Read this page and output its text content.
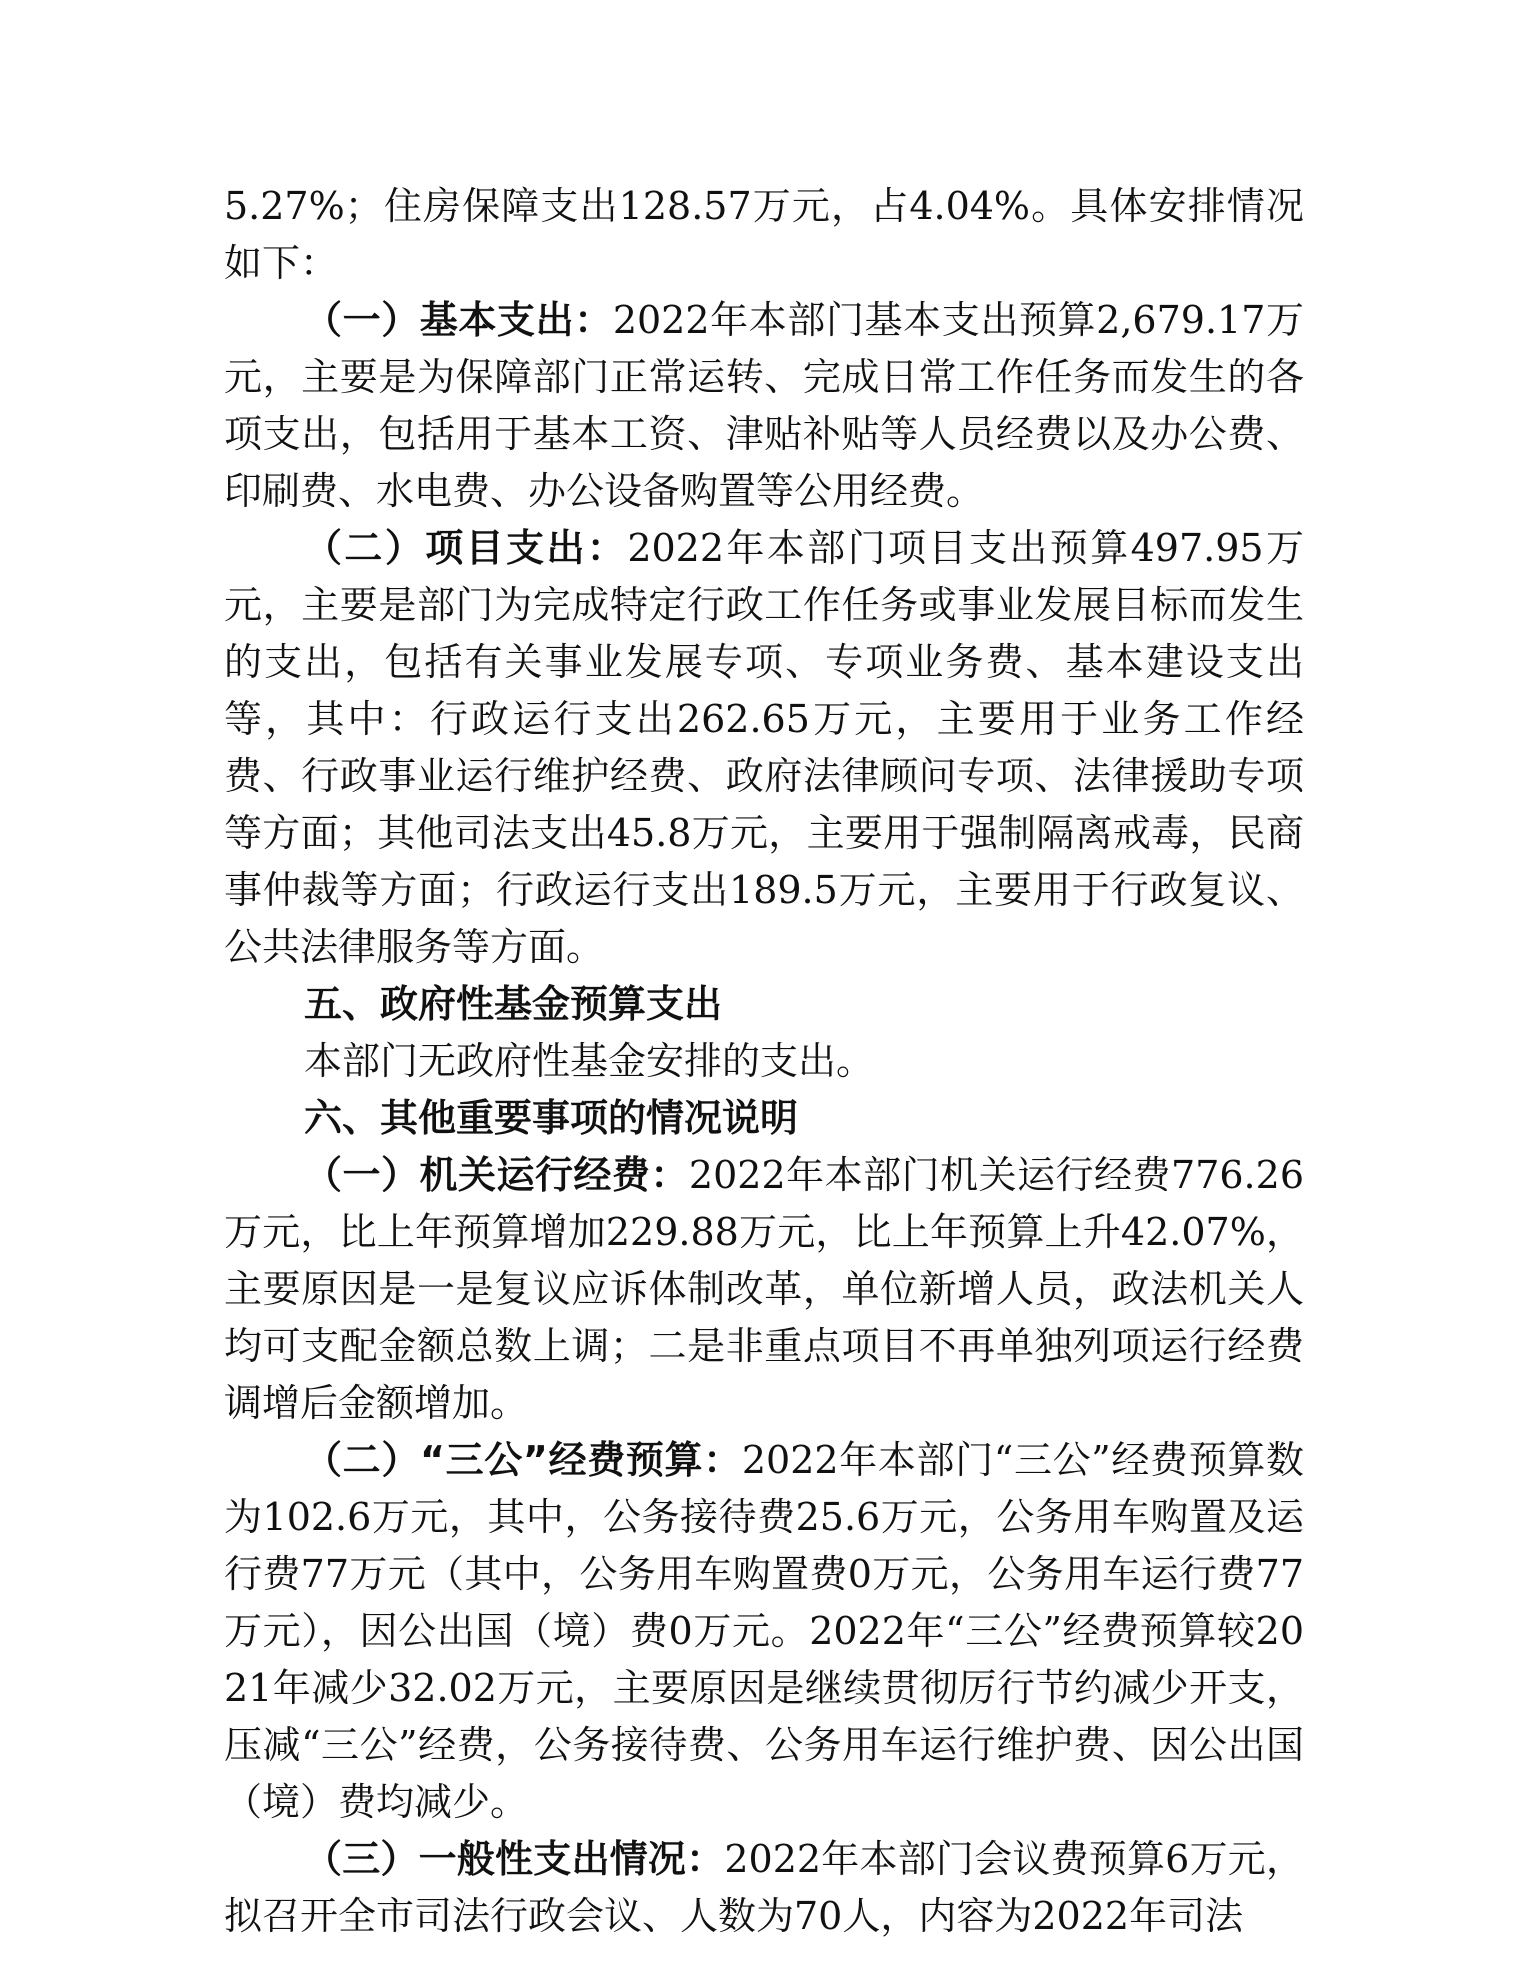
5.27%；住房保障支出128.57万元，占4.04%。具体安排情况如下：

（一）基本支出：2022年本部门基本支出预算2,679.17万元，主要是为保障部门正常运转、完成日常工作任务而发生的各项支出，包括用于基本工资、津贴补贴等人员经费以及办公费、印刷费、水电费、办公设备购置等公用经费。

（二）项目支出：2022年本部门项目支出预算497.95万元，主要是部门为完成特定行政工作任务或事业发展目标而发生的支出，包括有关事业发展专项、专项业务费、基本建设支出等，其中：行政运行支出262.65万元，主要用于业务工作经费、行政事业运行维护经费、政府法律顾问专项、法律援助专项等方面；其他司法支出45.8万元，主要用于强制隔离戒毒，民商事仲裁等方面；行政运行支出189.5万元，主要用于行政复议、公共法律服务等方面。

五、政府性基金预算支出

本部门无政府性基金安排的支出。

六、其他重要事项的情况说明

（一）机关运行经费：2022年本部门机关运行经费776.26万元，比上年预算增加229.88万元，比上年预算上升42.07%，主要原因是一是复议应诉体制改革，单位新增人员，政法机关人均可支配金额总数上调；二是非重点项目不再单独列项运行经费调增后金额增加。

（二）“三公”经费预算：2022年本部门“三公”经费预算数为102.6万元，其中，公务接待费25.6万元，公务用车购置及运行费77万元（其中，公务用车购置费0万元，公务用车运行费77万元），因公出国（境）费0万元。2022年“三公”经费预算较2021年减少32.02万元，主要原因是继续贯彻厉行节约减少开支，压减“三公”经费，公务接待费、公务用车运行维护费、因公出国（境）费均减少。

（三）一般性支出情况：2022年本部门会议费预算6万元，拟召开全市司法行政会议、人数为70人，内容为2022年司法
